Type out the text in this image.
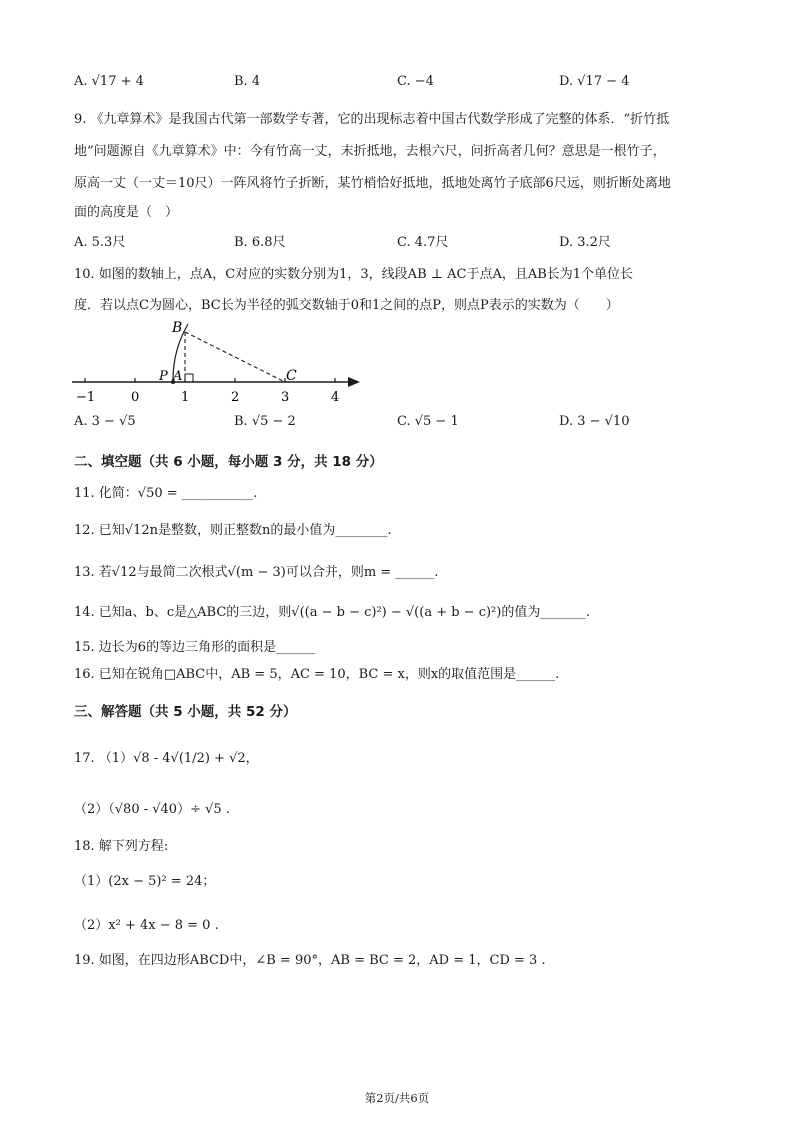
A. √17 + 4	B. 4	C. −4	D. √17 − 4
9. 《九章算术》是我国古代第一部数学专著，它的出现标志着中国古代数学形成了完整的体系．“折竹抵
地”问题源自《九章算术》中：今有竹高一丈，末折抵地，去根六尺，问折高者几何？意思是一根竹子，
原高一丈（一丈＝10尺）一阵风将竹子折断，某竹梢恰好抵地，抵地处离竹子底部6尺远，则折断处离地
面的高度是（　）
A. 5.3尺	B. 6.8尺	C. 4.7尺	D. 3.2尺
10. 如图的数轴上，点A，C对应的实数分别为1，3，线段AB ⊥ AC于点A，且AB长为1个单位长
度．若以点C为圆心，BC长为半径的弧交数轴于0和1之间的点P，则点P表示的实数为（　　）
−1	0	1	2	3	4
B
P A	C
A. 3 − √5	B. √5 − 2	C. √5 − 1	D. 3 − √10
二、填空题（共 6 小题，每小题 3 分，共 18 分）
11. 化简：√50 = ___________.
12. 已知√12n是整数，则正整数n的最小值为________.
13. 若√12与最简二次根式√(m − 3)可以合并，则m = ______.
14. 已知a、b、c是△ABC的三边，则√((a − b − c)²) − √((a + b − c)²)的值为_______.
15. 边长为6的等边三角形的面积是______
16. 已知在锐角□ABC中，AB = 5，AC = 10，BC = x，则x的取值范围是______.
三、解答题（共 5 小题，共 52 分）
17. （1）√8 - 4√(1/2) + √2，
（2）（√80 - √40）÷ √5 .
18. 解下列方程:
（1）(2x − 5)² = 24；
（2）x² + 4x − 8 = 0 .
19. 如图，在四边形ABCD中，∠B = 90°，AB = BC = 2，AD = 1，CD = 3 .
第2页/共6页
